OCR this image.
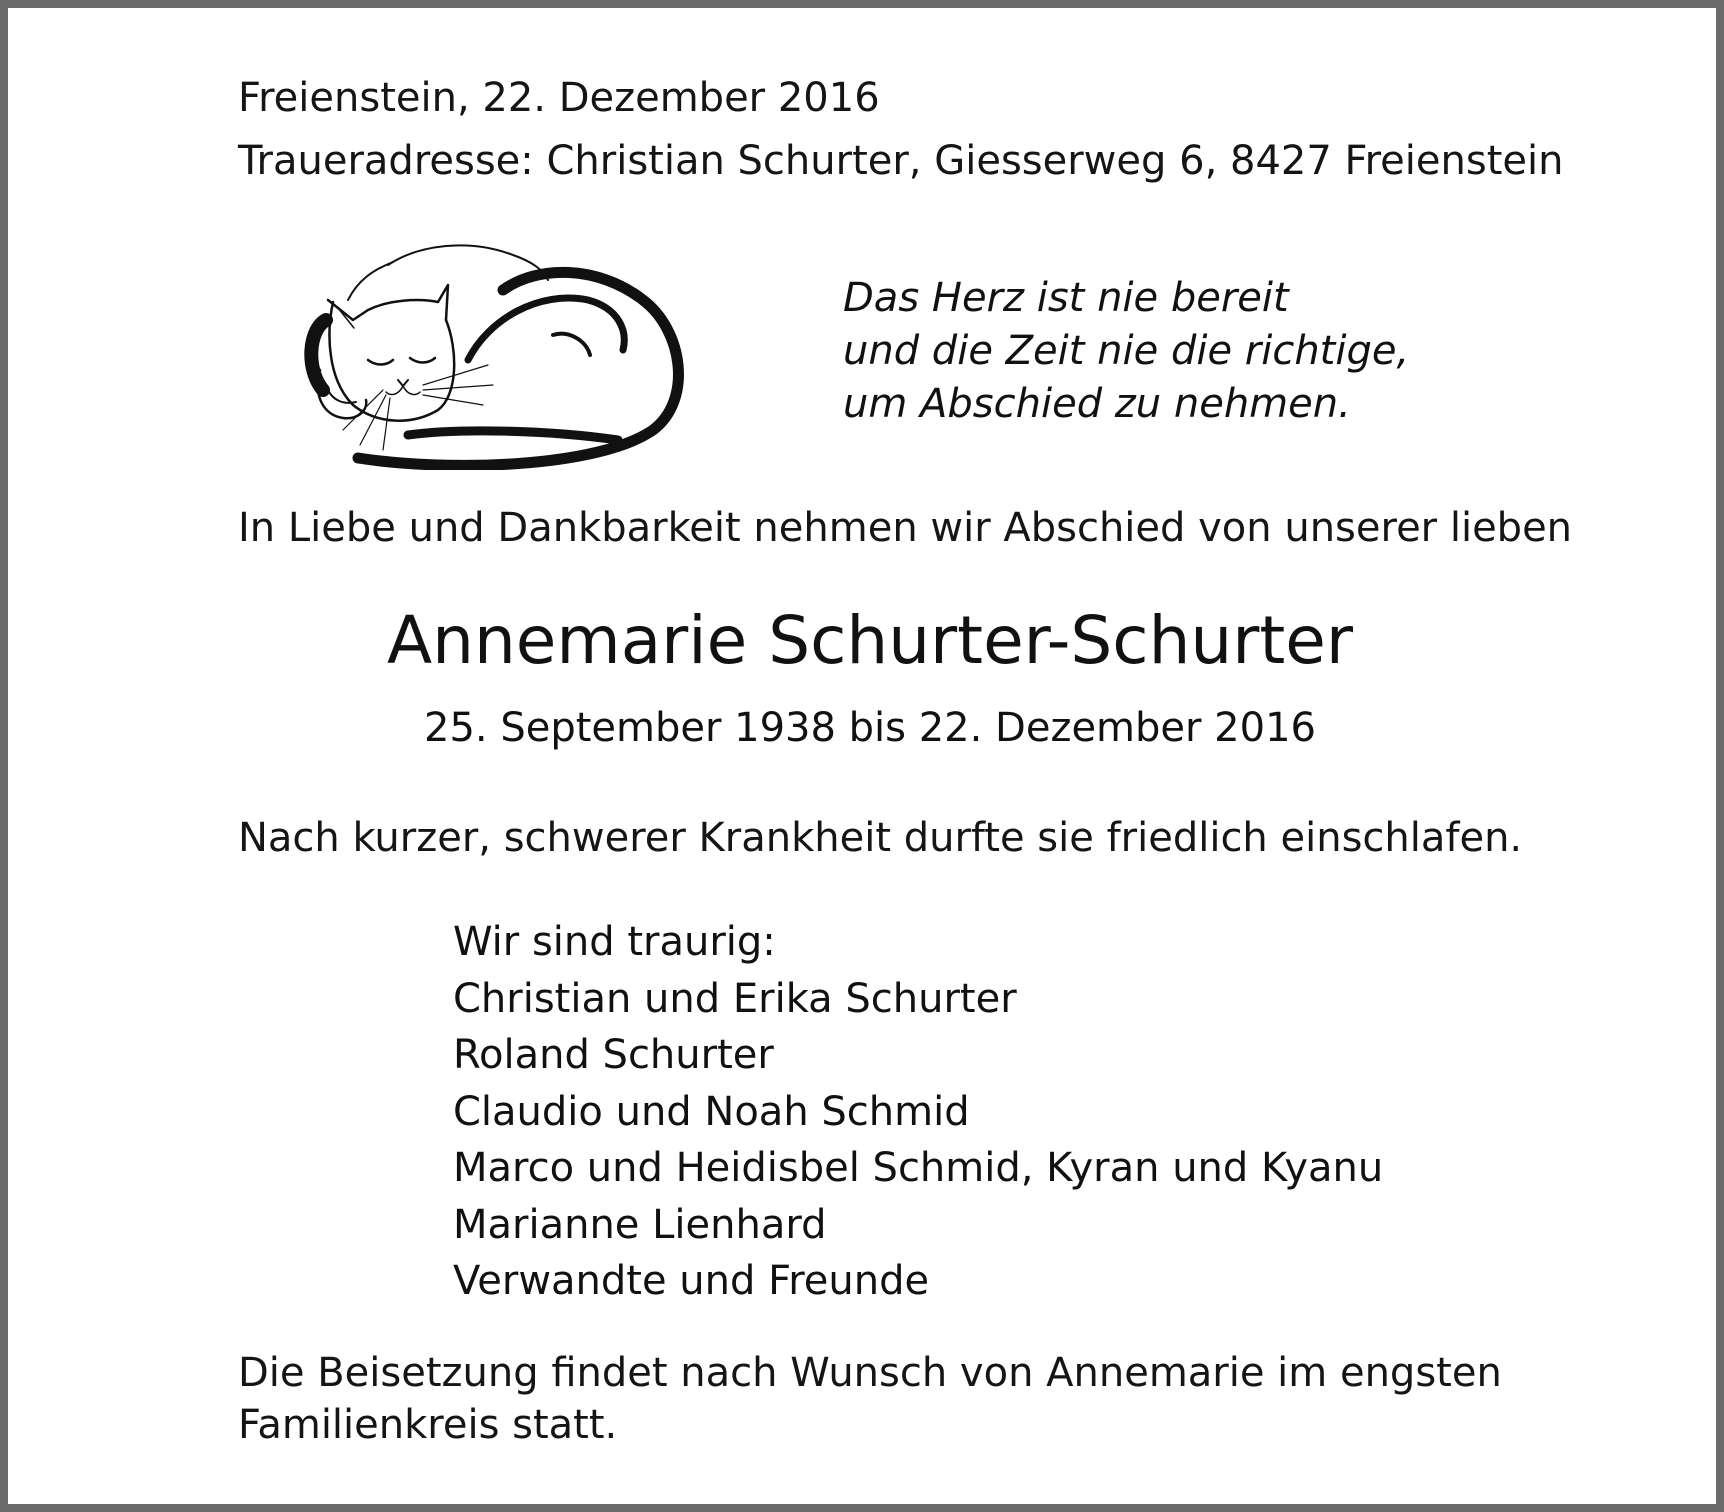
Freienstein, 22. Dezember 2016
Traueradresse: Christian Schurter, Giesserweg 6, 8427 Freienstein
Das Herz ist nie bereit
und die Zeit nie die richtige,
um Abschied zu nehmen.
In Liebe und Dankbarkeit nehmen wir Abschied von unserer lieben
Annemarie Schurter-Schurter
25. September 1938 bis 22. Dezember 2016
Nach kurzer, schwerer Krankheit durfte sie friedlich einschlafen.
Wir sind traurig:
Christian und Erika Schurter
Roland Schurter
Claudio und Noah Schmid
Marco und Heidisbel Schmid, Kyran und Kyanu
Marianne Lienhard
Verwandte und Freunde
Die Beisetzung findet nach Wunsch von Annemarie im engsten
Familienkreis statt.
